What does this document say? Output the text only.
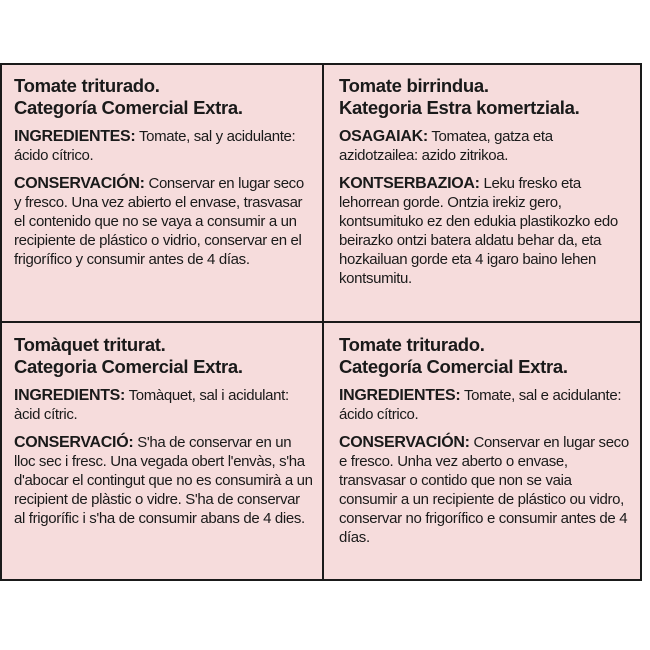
Tomate triturado.
Categoría Comercial Extra.

INGREDIENTES: Tomate, sal y acidulante: ácido cítrico.

CONSERVACIÓN: Conservar en lugar seco y fresco. Una vez abierto el envase, trasvasar el contenido que no se vaya a consumir a un recipiente de plástico o vidrio, conservar en el frigorífico y consumir antes de 4 días.

Tomate birrindua.
Kategoria Estra komertziala.

OSAGAIAK: Tomatea, gatza eta azidotzailea: azido zitrikoa.

KONTSERBAZIOA: Leku fresko eta lehorrean gorde. Ontzia irekiz gero, kontsumituko ez den edukia plastikozko edo beirazko ontzi batera aldatu behar da, eta hozkailuan gorde eta 4 igaro baino lehen kontsumitu.

Tomàquet triturat.
Categoria Comercial Extra.

INGREDIENTS: Tomàquet, sal i acidulant: àcid cítric.

CONSERVACIÓ: S'ha de conservar en un lloc sec i fresc. Una vegada obert l'envàs, s'ha d'abocar el contingut que no es consumirà a un recipient de plàstic o vidre. S'ha de conservar al frigorífic i s'ha de consumir abans de 4 dies.

Tomate triturado.
Categoría Comercial Extra.

INGREDIENTES: Tomate, sal e acidulante: ácido cítrico.

CONSERVACIÓN: Conservar en lugar seco e fresco. Unha vez aberto o envase, transvasar o contido que non se vaia consumir a un recipiente de plástico ou vidro, conservar no frigorífico e consumir antes de 4 días.
